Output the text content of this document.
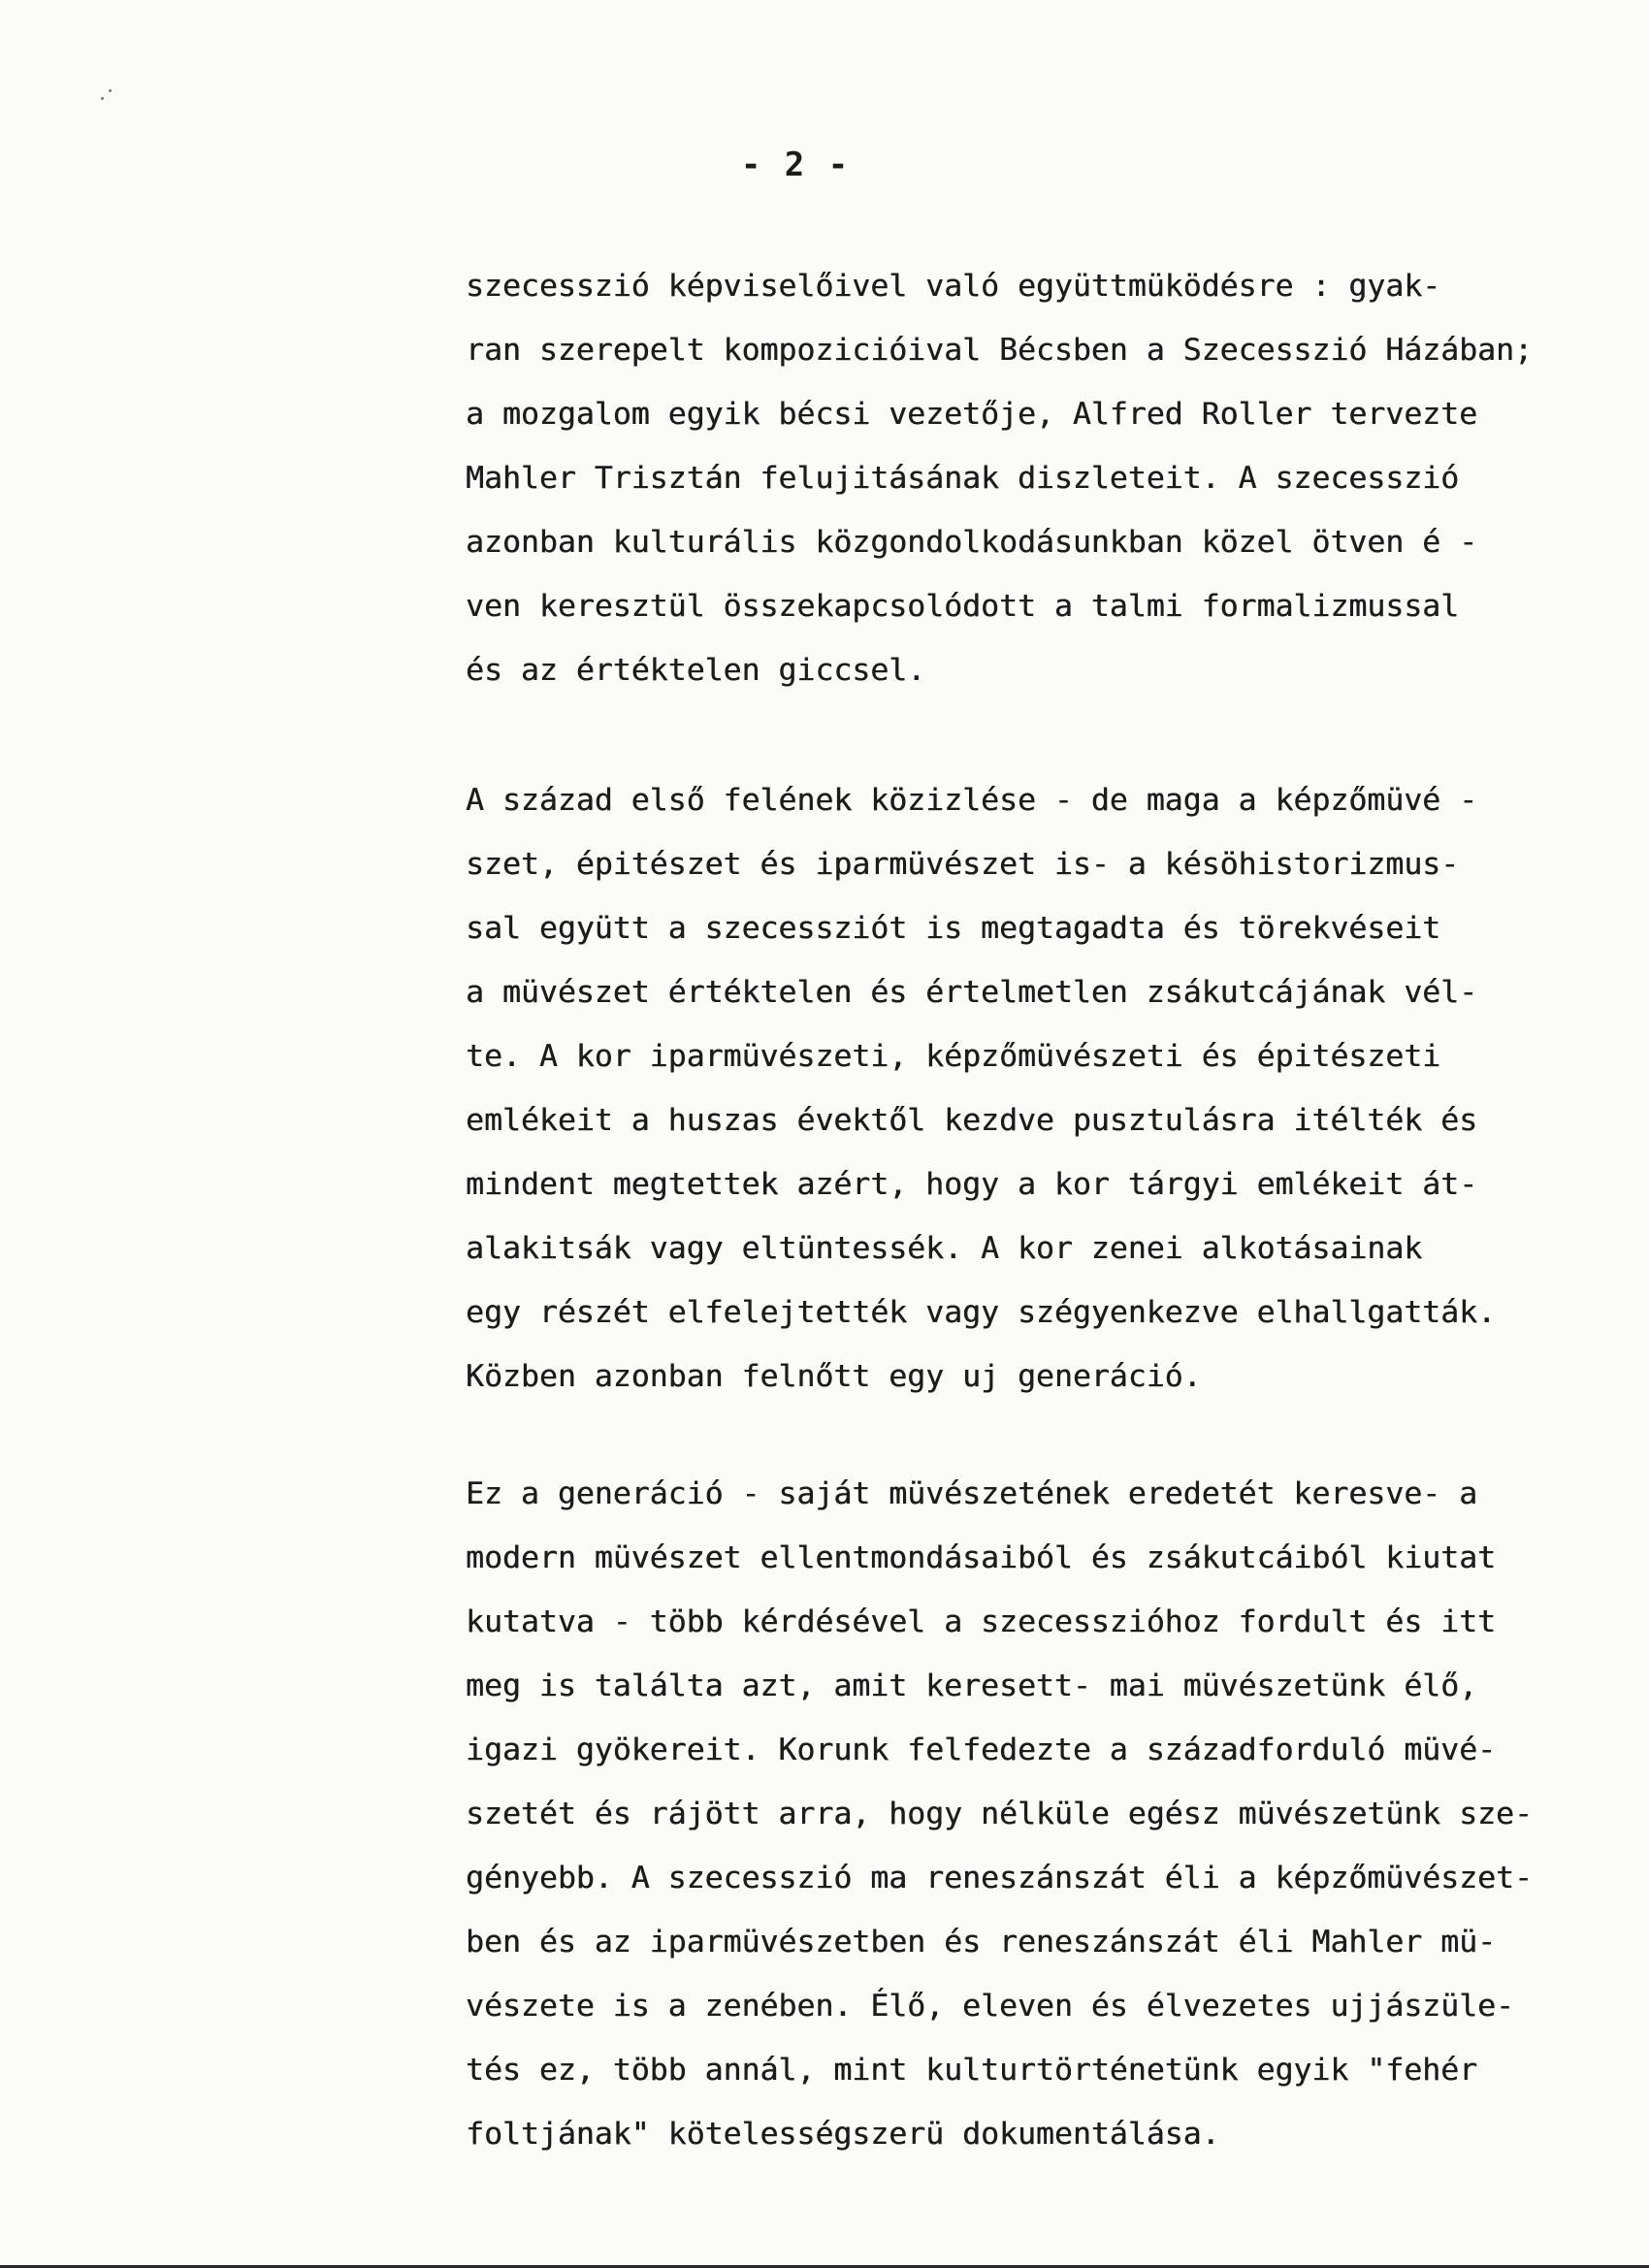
- 2 -
szecesszió képviselőivel való együttmüködésre : gyak-
ran szerepelt kompozicióival Bécsben a Szecesszió Házában;
a mozgalom egyik bécsi vezetője, Alfred Roller tervezte
Mahler Trisztán felujitásának diszleteit. A szecesszió
azonban kulturális közgondolkodásunkban közel ötven é -
ven keresztül összekapcsolódott a talmi formalizmussal
és az értéktelen giccsel.
A század első felének közizlése - de maga a képzőmüvé -
szet, épitészet és iparmüvészet is- a késöhistorizmus-
sal együtt a szecessziót is megtagadta és törekvéseit
a müvészet értéktelen és értelmetlen zsákutcájának vél-
te. A kor iparmüvészeti, képzőmüvészeti és épitészeti
emlékeit a huszas évektől kezdve pusztulásra itélték és
mindent megtettek azért, hogy a kor tárgyi emlékeit át-
alakitsák vagy eltüntessék. A kor zenei alkotásainak
egy részét elfelejtették vagy szégyenkezve elhallgatták.
Közben azonban felnőtt egy uj generáció.
Ez a generáció - saját müvészetének eredetét keresve- a
modern müvészet ellentmondásaiból és zsákutcáiból kiutat
kutatva - több kérdésével a szecesszióhoz fordult és itt
meg is találta azt, amit keresett- mai müvészetünk élő,
igazi gyökereit. Korunk felfedezte a századforduló müvé-
szetét és rájött arra, hogy nélküle egész müvészetünk sze-
gényebb. A szecesszió ma reneszánszát éli a képzőmüvészet-
ben és az iparmüvészetben és reneszánszát éli Mahler mü-
vészete is a zenében. Élő, eleven és élvezetes ujjászüle-
tés ez, több annál, mint kulturtörténetünk egyik "fehér
foltjának" kötelességszerü dokumentálása.
